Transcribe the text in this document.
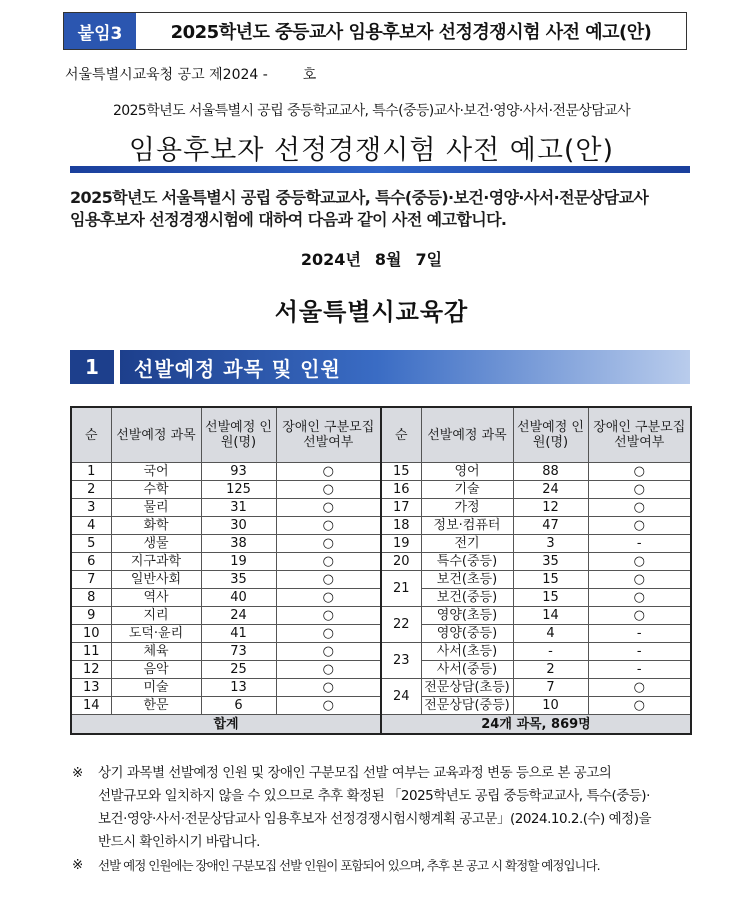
붙임3	2025학년도 중등교사 임용후보자 선정경쟁시험 사전 예고(안)
서울특별시교육청 공고 제2024 -	호
2025학년도 서울특별시 공립 중등학교교사, 특수(중등)교사·보건·영양·사서·전문상담교사
임용후보자 선정경쟁시험 사전 예고(안)
2025학년도 서울특별시 공립 중등학교교사, 특수(중등)·보건·영양·사서·전문상담교사
임용후보자 선정경쟁시험에 대하여 다음과 같이 사전 예고합니다.
2024년 8월 7일
서울특별시교육감
1	선발예정 과목 및 인원
순	선발예정 과목	선발예정 인원(명)	장애인 구분모집 선발여부	순	선발예정 과목	선발예정 인원(명)	장애인 구분모집 선발여부
1	국어	93	○	15	영어	88	○
2	수학	125	○	16	기술	24	○
3	물리	31	○	17	가정	12	○
4	화학	30	○	18	정보·컴퓨터	47	○
5	생물	38	○	19	전기	3	-
6	지구과학	19	○	20	특수(중등)	35	○
7	일반사회	35	○	21	보건(초등)	15	○
8	역사	40	○		보건(중등)	15	○
9	지리	24	○	22	영양(초등)	14	○
10	도덕·윤리	41	○		영양(중등)	4	-
11	체육	73	○	23	사서(초등)	-	-
12	음악	25	○		사서(중등)	2	-
13	미술	13	○	24	전문상담(초등)	7	○
14	한문	6	○		전문상담(중등)	10	○
합계				24개 과목, 869명			
※ 상기 과목별 선발예정 인원 및 장애인 구분모집 선발 여부는 교육과정 변동 등으로 본 공고의
선발규모와 일치하지 않을 수 있으므로 추후 확정된 「2025학년도 공립 중등학교교사, 특수(중등)·
보건·영양·사서·전문상담교사 임용후보자 선정경쟁시험시행계획 공고문」(2024.10.2.(수) 예정)을
반드시 확인하시기 바랍니다.
※ 선발 예정 인원에는 장애인 구분모집 선발 인원이 포함되어 있으며, 추후 본 공고 시 확정할 예정입니다.
